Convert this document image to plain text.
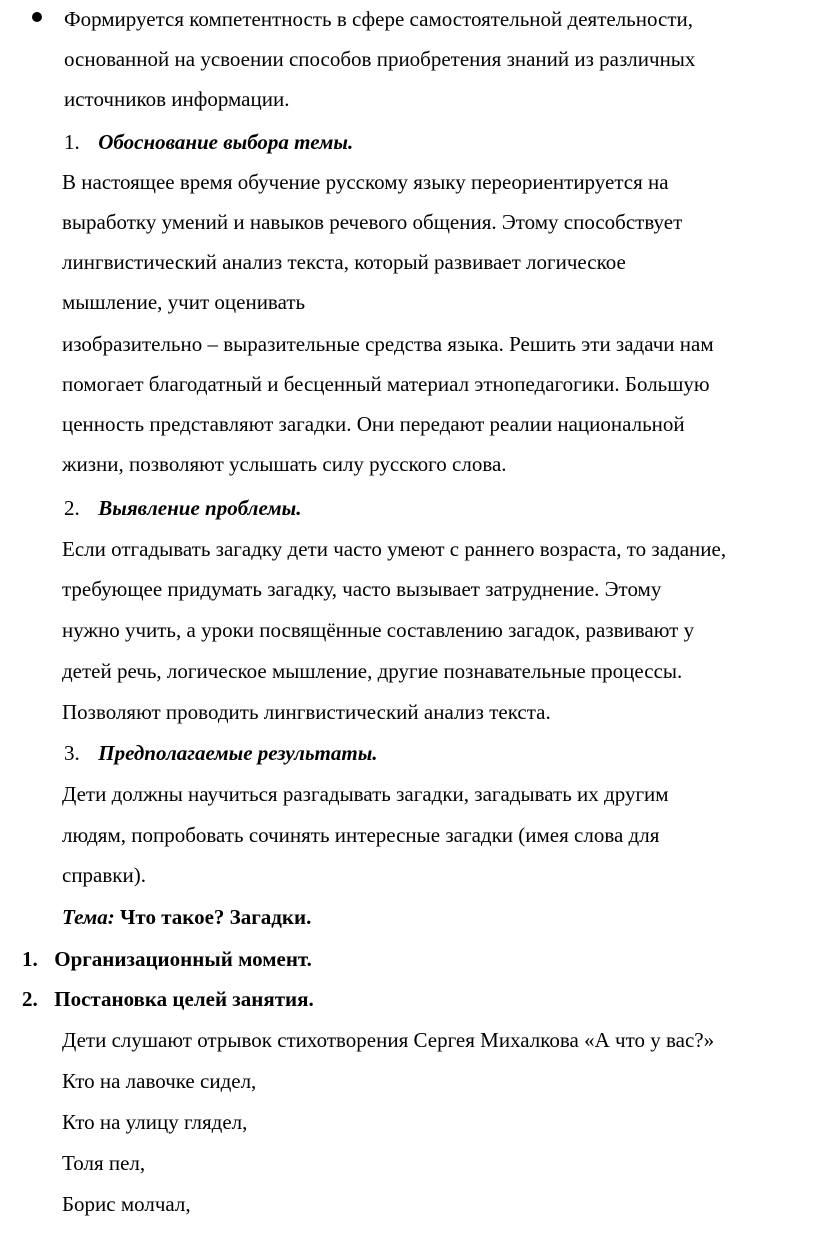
Формируется компетентность в сфере самостоятельной деятельности,
основанной на усвоении способов приобретения знаний из различных
источников информации.
1. Обоснование выбора темы.
В настоящее время обучение русскому языку переориентируется на
выработку умений и навыков речевого общения. Этому способствует
лингвистический анализ текста, который развивает логическое
мышление, учит оценивать
изобразительно – выразительные средства языка. Решить эти задачи нам
помогает благодатный и бесценный материал этнопедагогики. Большую
ценность представляют загадки. Они передают реалии национальной
жизни, позволяют услышать силу русского слова.
2. Выявление проблемы.
Если отгадывать загадку дети часто умеют с раннего возраста, то задание,
требующее придумать загадку, часто вызывает затруднение. Этому
нужно учить, а уроки посвящённые составлению загадок, развивают у
детей речь, логическое мышление, другие познавательные процессы.
Позволяют проводить лингвистический анализ текста.
3. Предполагаемые результаты.
Дети должны научиться разгадывать загадки, загадывать их другим
людям, попробовать сочинять интересные загадки (имея слова для
справки).
Тема: Что такое? Загадки.
1. Организационный момент.
2. Постановка целей занятия.
Дети слушают отрывок стихотворения Сергея Михалкова «А что у вас?»
Кто на лавочке сидел,
Кто на улицу глядел,
Толя пел,
Борис молчал,
